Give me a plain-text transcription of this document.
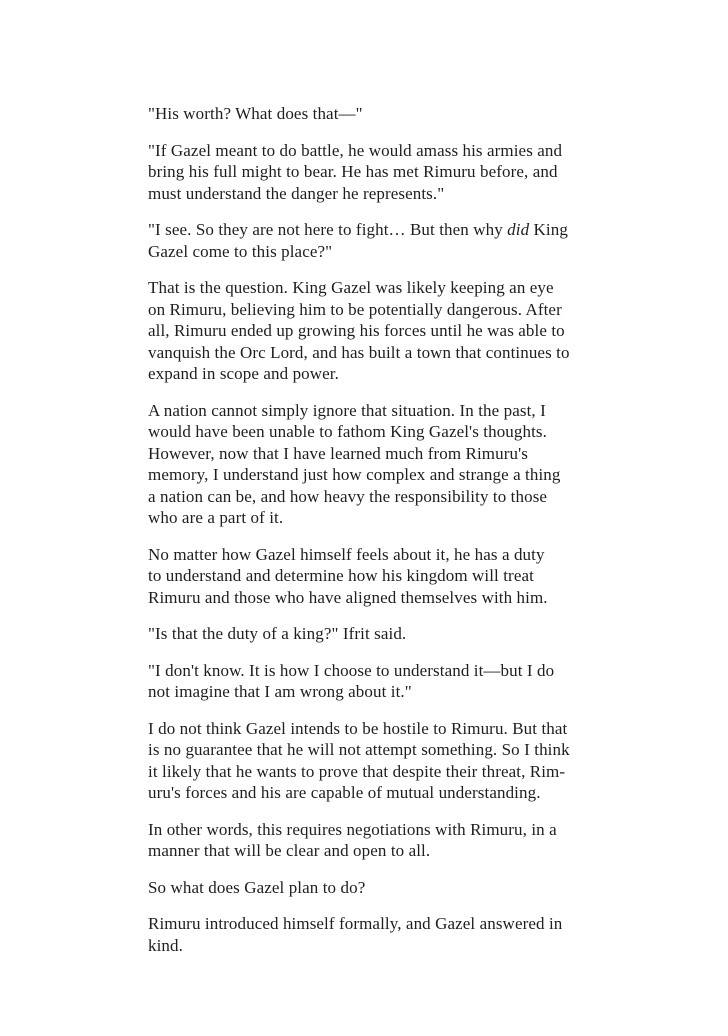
"His worth? What does that—"

"If Gazel meant to do battle, he would amass his armies and
bring his full might to bear. He has met Rimuru before, and
must understand the danger he represents."

"I see. So they are not here to fight… But then why did King
Gazel come to this place?"

That is the question. King Gazel was likely keeping an eye
on Rimuru, believing him to be potentially dangerous. After
all, Rimuru ended up growing his forces until he was able to
vanquish the Orc Lord, and has built a town that continues to
expand in scope and power.

A nation cannot simply ignore that situation. In the past, I
would have been unable to fathom King Gazel's thoughts.
However, now that I have learned much from Rimuru's
memory, I understand just how complex and strange a thing
a nation can be, and how heavy the responsibility to those
who are a part of it.

No matter how Gazel himself feels about it, he has a duty
to understand and determine how his kingdom will treat
Rimuru and those who have aligned themselves with him.

"Is that the duty of a king?" Ifrit said.

"I don't know. It is how I choose to understand it—but I do
not imagine that I am wrong about it."

I do not think Gazel intends to be hostile to Rimuru. But that
is no guarantee that he will not attempt something. So I think
it likely that he wants to prove that despite their threat, Rim-
uru's forces and his are capable of mutual understanding.

In other words, this requires negotiations with Rimuru, in a
manner that will be clear and open to all.

So what does Gazel plan to do?

Rimuru introduced himself formally, and Gazel answered in
kind.
